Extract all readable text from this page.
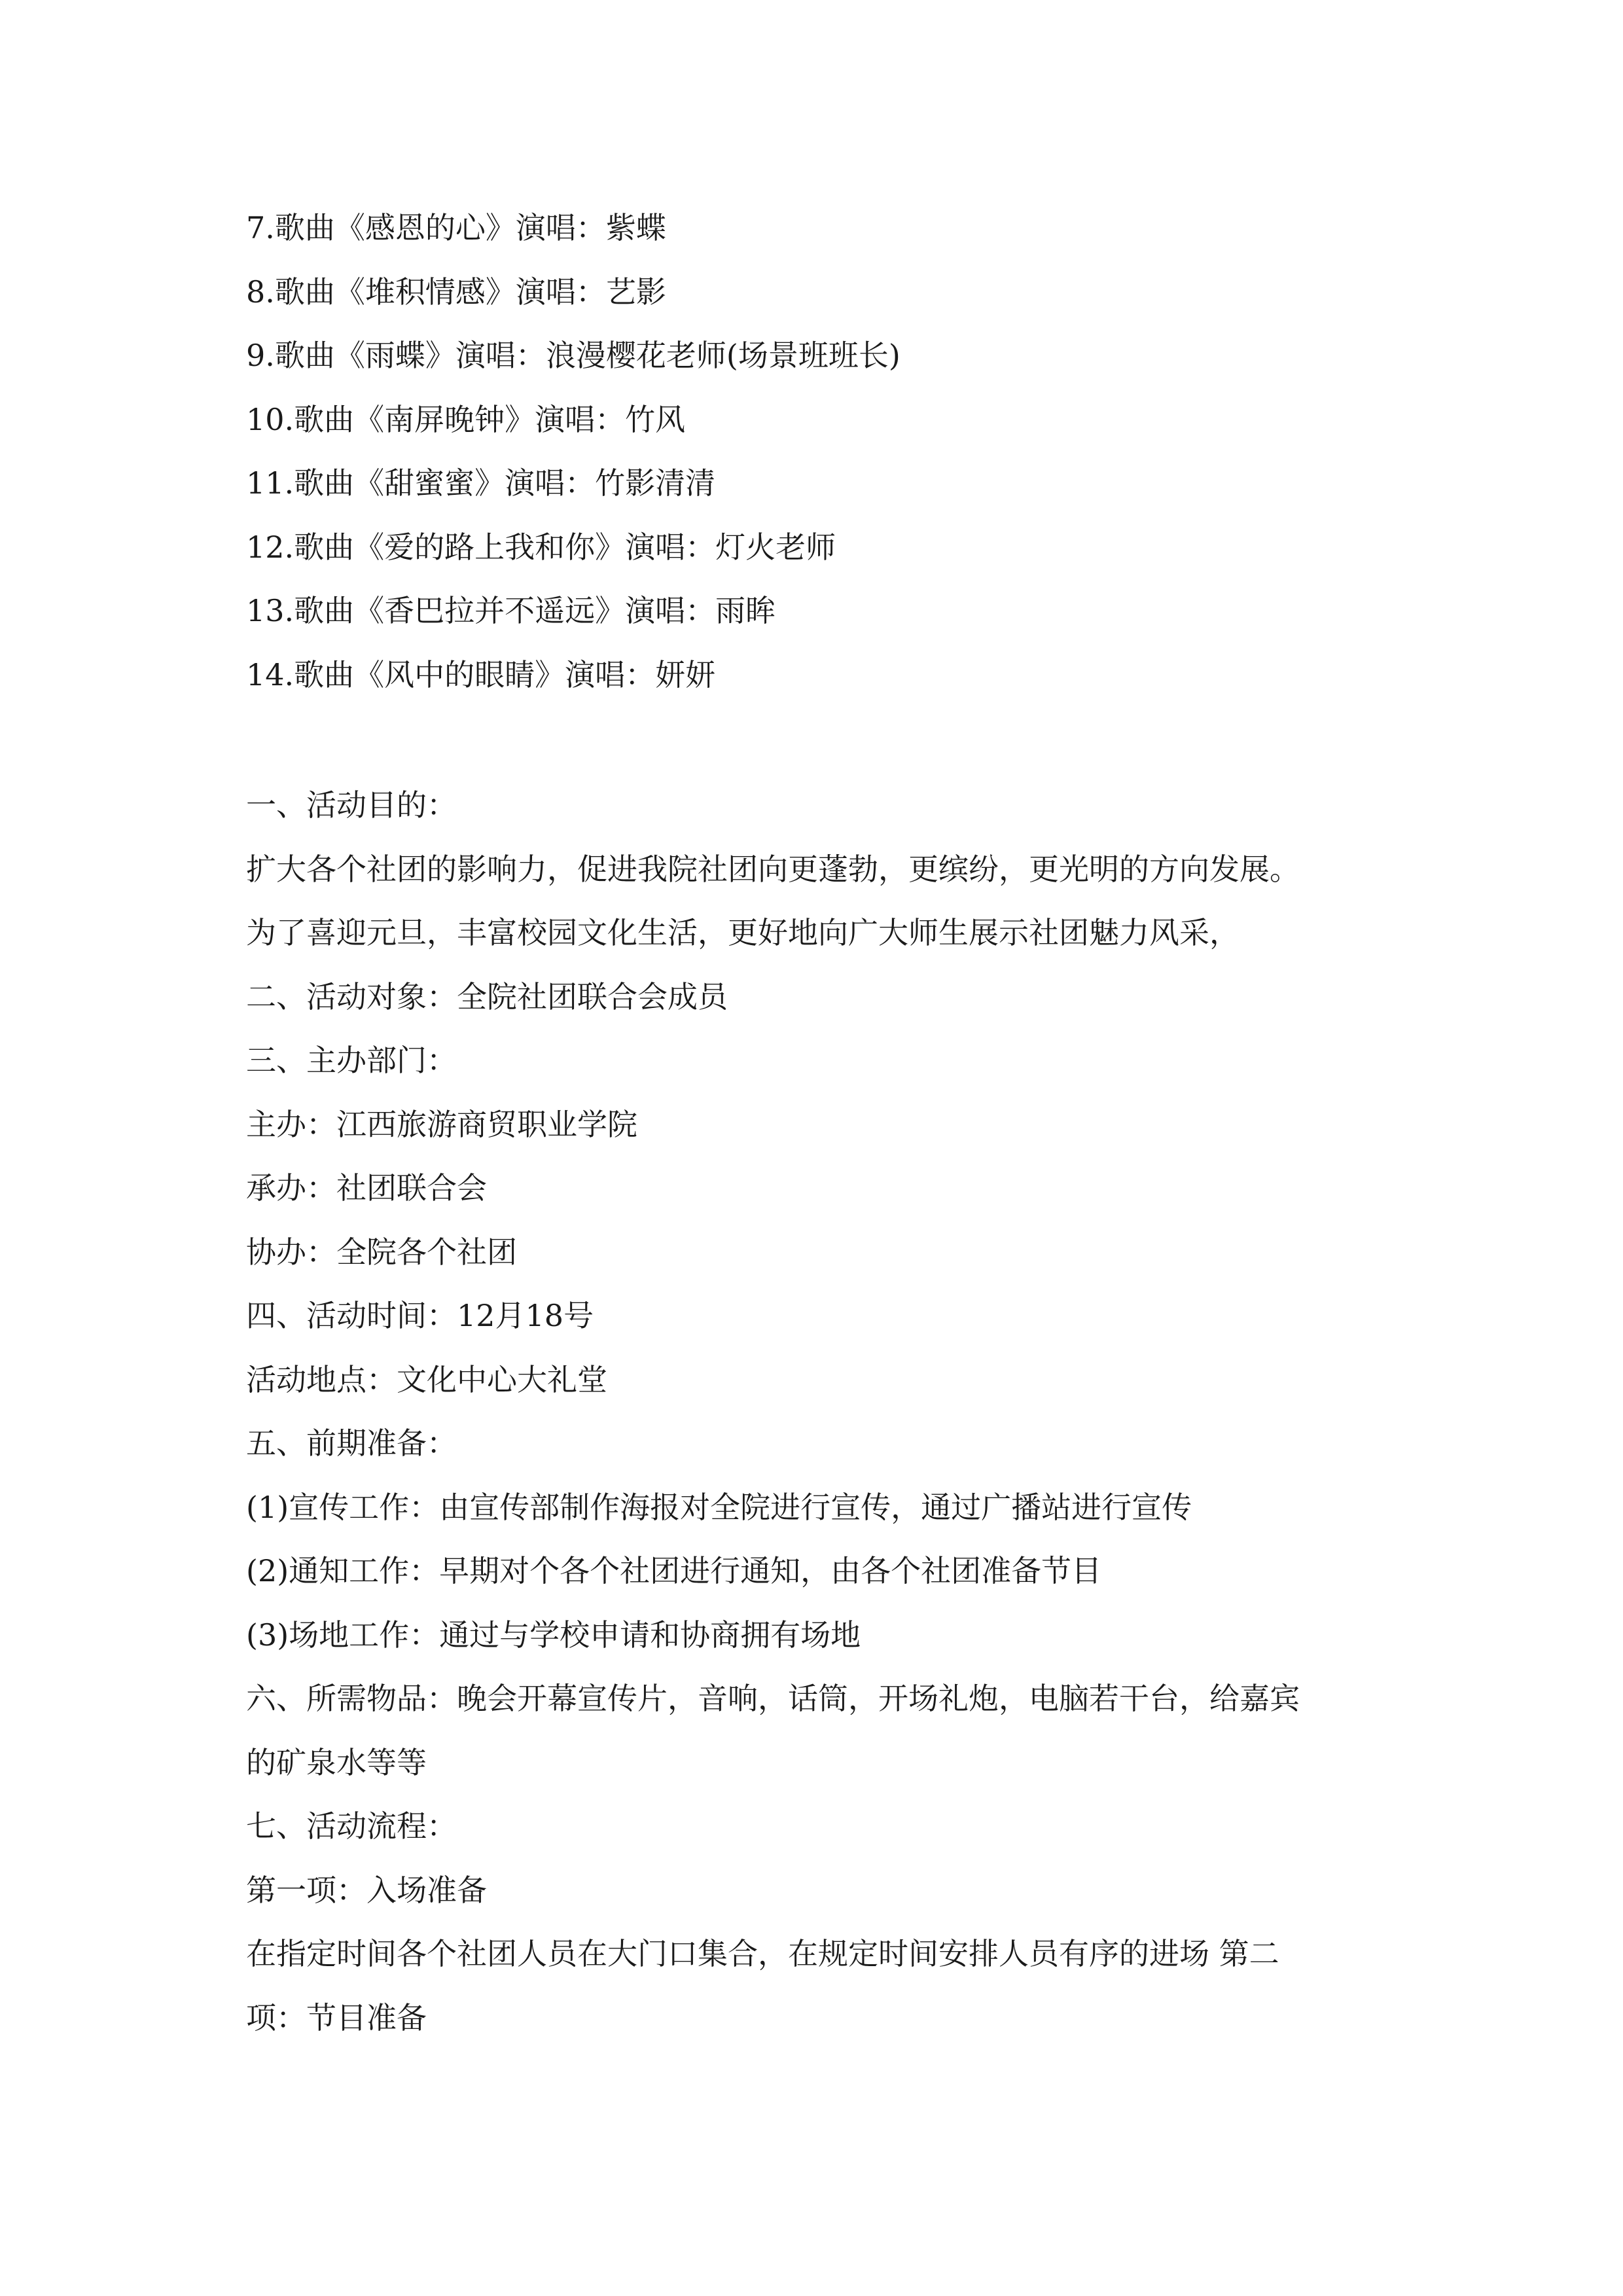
7.歌曲《感恩的心》演唱：紫蝶
8.歌曲《堆积情感》演唱：艺影
9.歌曲《雨蝶》演唱：浪漫樱花老师(场景班班长)
10.歌曲《南屏晚钟》演唱：竹风
11.歌曲《甜蜜蜜》演唱：竹影清清
12.歌曲《爱的路上我和你》演唱：灯火老师
13.歌曲《香巴拉并不遥远》演唱：雨眸
14.歌曲《风中的眼睛》演唱：妍妍
一、活动目的：
扩大各个社团的影响力，促进我院社团向更蓬勃，更缤纷，更光明的方向发展。
为了喜迎元旦，丰富校园文化生活，更好地向广大师生展示社团魅力风采，
二、活动对象：全院社团联合会成员
三、主办部门：
主办：江西旅游商贸职业学院
承办：社团联合会
协办：全院各个社团
四、活动时间：12月18号
活动地点：文化中心大礼堂
五、前期准备：
(1)宣传工作：由宣传部制作海报对全院进行宣传，通过广播站进行宣传
(2)通知工作：早期对个各个社团进行通知，由各个社团准备节目
(3)场地工作：通过与学校申请和协商拥有场地
六、所需物品：晚会开幕宣传片，音响，话筒，开场礼炮，电脑若干台，给嘉宾
的矿泉水等等
七、活动流程：
第一项：入场准备
在指定时间各个社团人员在大门口集合，在规定时间安排人员有序的进场 第二
项：节目准备
